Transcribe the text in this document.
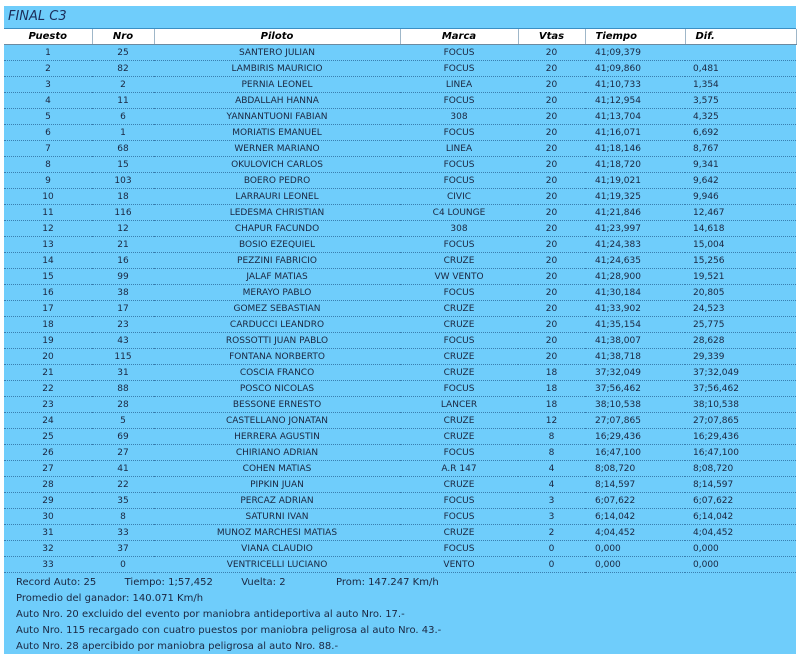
FINAL C3
Puesto	Nro	Piloto	Marca	Vtas	Tiempo	Dif.
1	25	SANTERO JULIAN	FOCUS	20	41;09,379	
2	82	LAMBIRIS MAURICIO	FOCUS	20	41;09,860	0,481
3	2	PERNIA LEONEL	LINEA	20	41;10,733	1,354
4	11	ABDALLAH HANNA	FOCUS	20	41;12,954	3,575
5	6	YANNANTUONI FABIAN	308	20	41;13,704	4,325
6	1	MORIATIS EMANUEL	FOCUS	20	41;16,071	6,692
7	68	WERNER MARIANO	LINEA	20	41;18,146	8,767
8	15	OKULOVICH CARLOS	FOCUS	20	41;18,720	9,341
9	103	BOERO PEDRO	FOCUS	20	41;19,021	9,642
10	18	LARRAURI LEONEL	CIVIC	20	41;19,325	9,946
11	116	LEDESMA CHRISTIAN	C4 LOUNGE	20	41;21,846	12,467
12	12	CHAPUR FACUNDO	308	20	41;23,997	14,618
13	21	BOSIO EZEQUIEL	FOCUS	20	41;24,383	15,004
14	16	PEZZINI FABRICIO	CRUZE	20	41;24,635	15,256
15	99	JALAF MATIAS	VW VENTO	20	41;28,900	19,521
16	38	MERAYO PABLO	FOCUS	20	41;30,184	20,805
17	17	GOMEZ SEBASTIAN	CRUZE	20	41;33,902	24,523
18	23	CARDUCCI LEANDRO	CRUZE	20	41;35,154	25,775
19	43	ROSSOTTI JUAN PABLO	FOCUS	20	41;38,007	28,628
20	115	FONTANA NORBERTO	CRUZE	20	41;38,718	29,339
21	31	COSCIA FRANCO	CRUZE	18	37;32,049	37;32,049
22	88	POSCO NICOLAS	FOCUS	18	37;56,462	37;56,462
23	28	BESSONE ERNESTO	LANCER	18	38;10,538	38;10,538
24	5	CASTELLANO JONATAN	CRUZE	12	27;07,865	27;07,865
25	69	HERRERA AGUSTIN	CRUZE	8	16;29,436	16;29,436
26	27	CHIRIANO ADRIAN	FOCUS	8	16;47,100	16;47,100
27	41	COHEN MATIAS	A.R 147	4	8;08,720	8;08,720
28	22	PIPKIN JUAN	CRUZE	4	8;14,597	8;14,597
29	35	PERCAZ ADRIAN	FOCUS	3	6;07,622	6;07,622
30	8	SATURNI IVAN	FOCUS	3	6;14,042	6;14,042
31	33	MUNOZ MARCHESI MATIAS	CRUZE	2	4;04,452	4;04,452
32	37	VIANA CLAUDIO	FOCUS	0	0,000	0,000
33	0	VENTRICELLI LUCIANO	VENTO	0	0,000	0,000
Record Auto: 25	Tiempo: 1;57,452	Vuelta: 2	Prom: 147.247 Km/h
Promedio del ganador: 140.071 Km/h
Auto Nro. 20 excluido del evento por maniobra antideportiva al auto Nro. 17.-
Auto Nro. 115 recargado con cuatro puestos por maniobra peligrosa al auto Nro. 43.-
Auto Nro. 28 apercibido por maniobra peligrosa al auto Nro. 88.-
